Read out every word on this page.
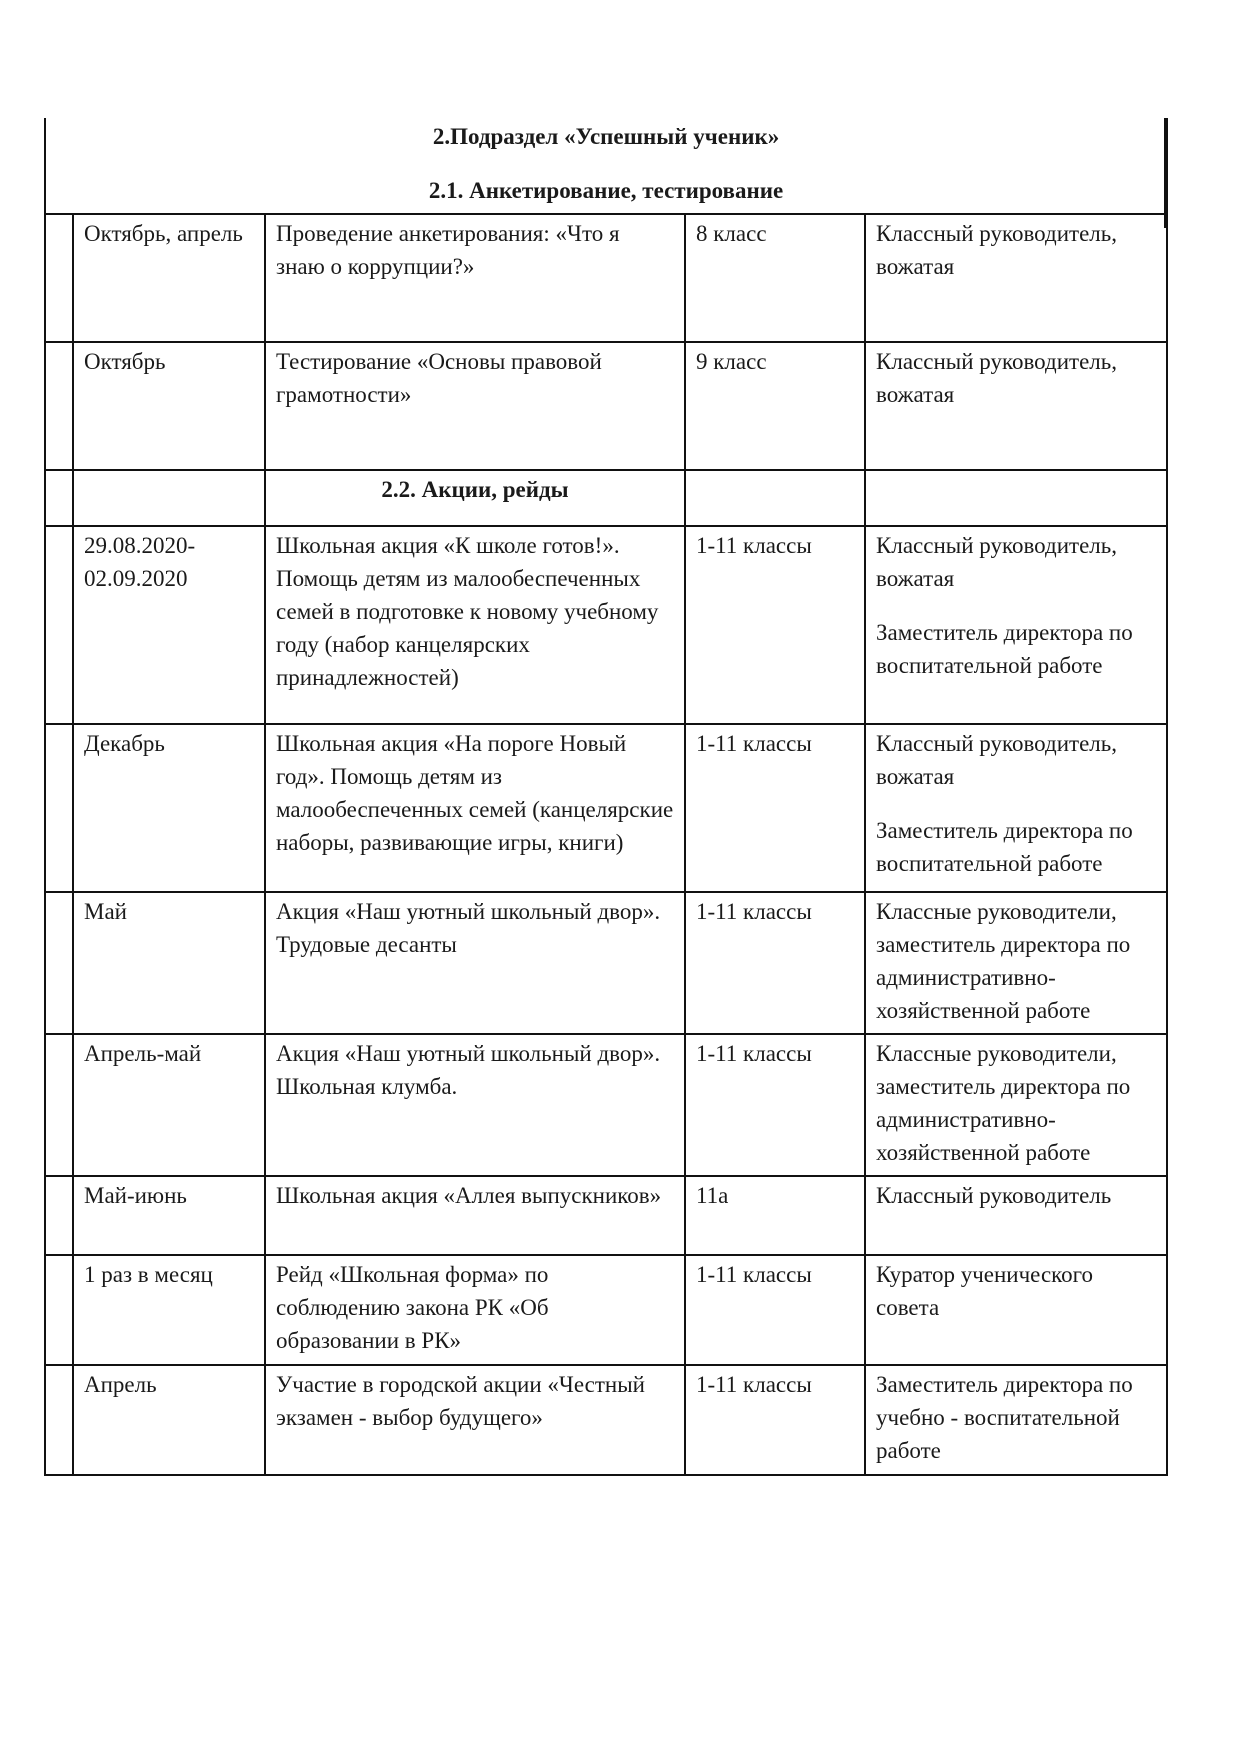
2.Подраздел «Успешный ученик»
2.1. Анкетирование, тестирование				

	Октябрь, апрель	Проведение анкетирования: «Что я знаю о коррупции?»	8 класс	Классный руководитель, вожатая

	Октябрь	Тестирование «Основы правовой грамотности»	9 класс	Классный руководитель, вожатая

		2.2. Акции, рейды		
	29.08.2020-02.09.2020	Школьная акция «К школе готов!». Помощь детям из малообеспеченных семей в подготовке к новому учебному году (набор канцелярских принадлежностей)	1-11 классы	Классный руководитель, вожатая
Заместитель директора по воспитательной работе

	Декабрь	Школьная акция «На пороге Новый год». Помощь детям из малообеспеченных семей (канцелярские наборы, развивающие игры, книги)	1-11 классы	Классный руководитель, вожатая
Заместитель директора по воспитательной работе

	Май	Акция «Наш уютный школьный двор». Трудовые десанты	1-11 классы	Классные руководители, заместитель директора по административно-хозяйственной работе

	Апрель-май	Акция «Наш уютный школьный двор». Школьная клумба.	1-11 классы	Классные руководители, заместитель директора по административно-хозяйственной работе

	Май-июнь	Школьная акция «Аллея выпускников»	11а	Классный руководитель

	1 раз в месяц	Рейд «Школьная форма» по соблюдению закона РК «Об образовании в РК»	1-11 классы	Куратор ученического совета

	Апрель	Участие в городской акции «Честный экзамен - выбор будущего»	1-11 классы	Заместитель директора по учебно - воспитательной работе
